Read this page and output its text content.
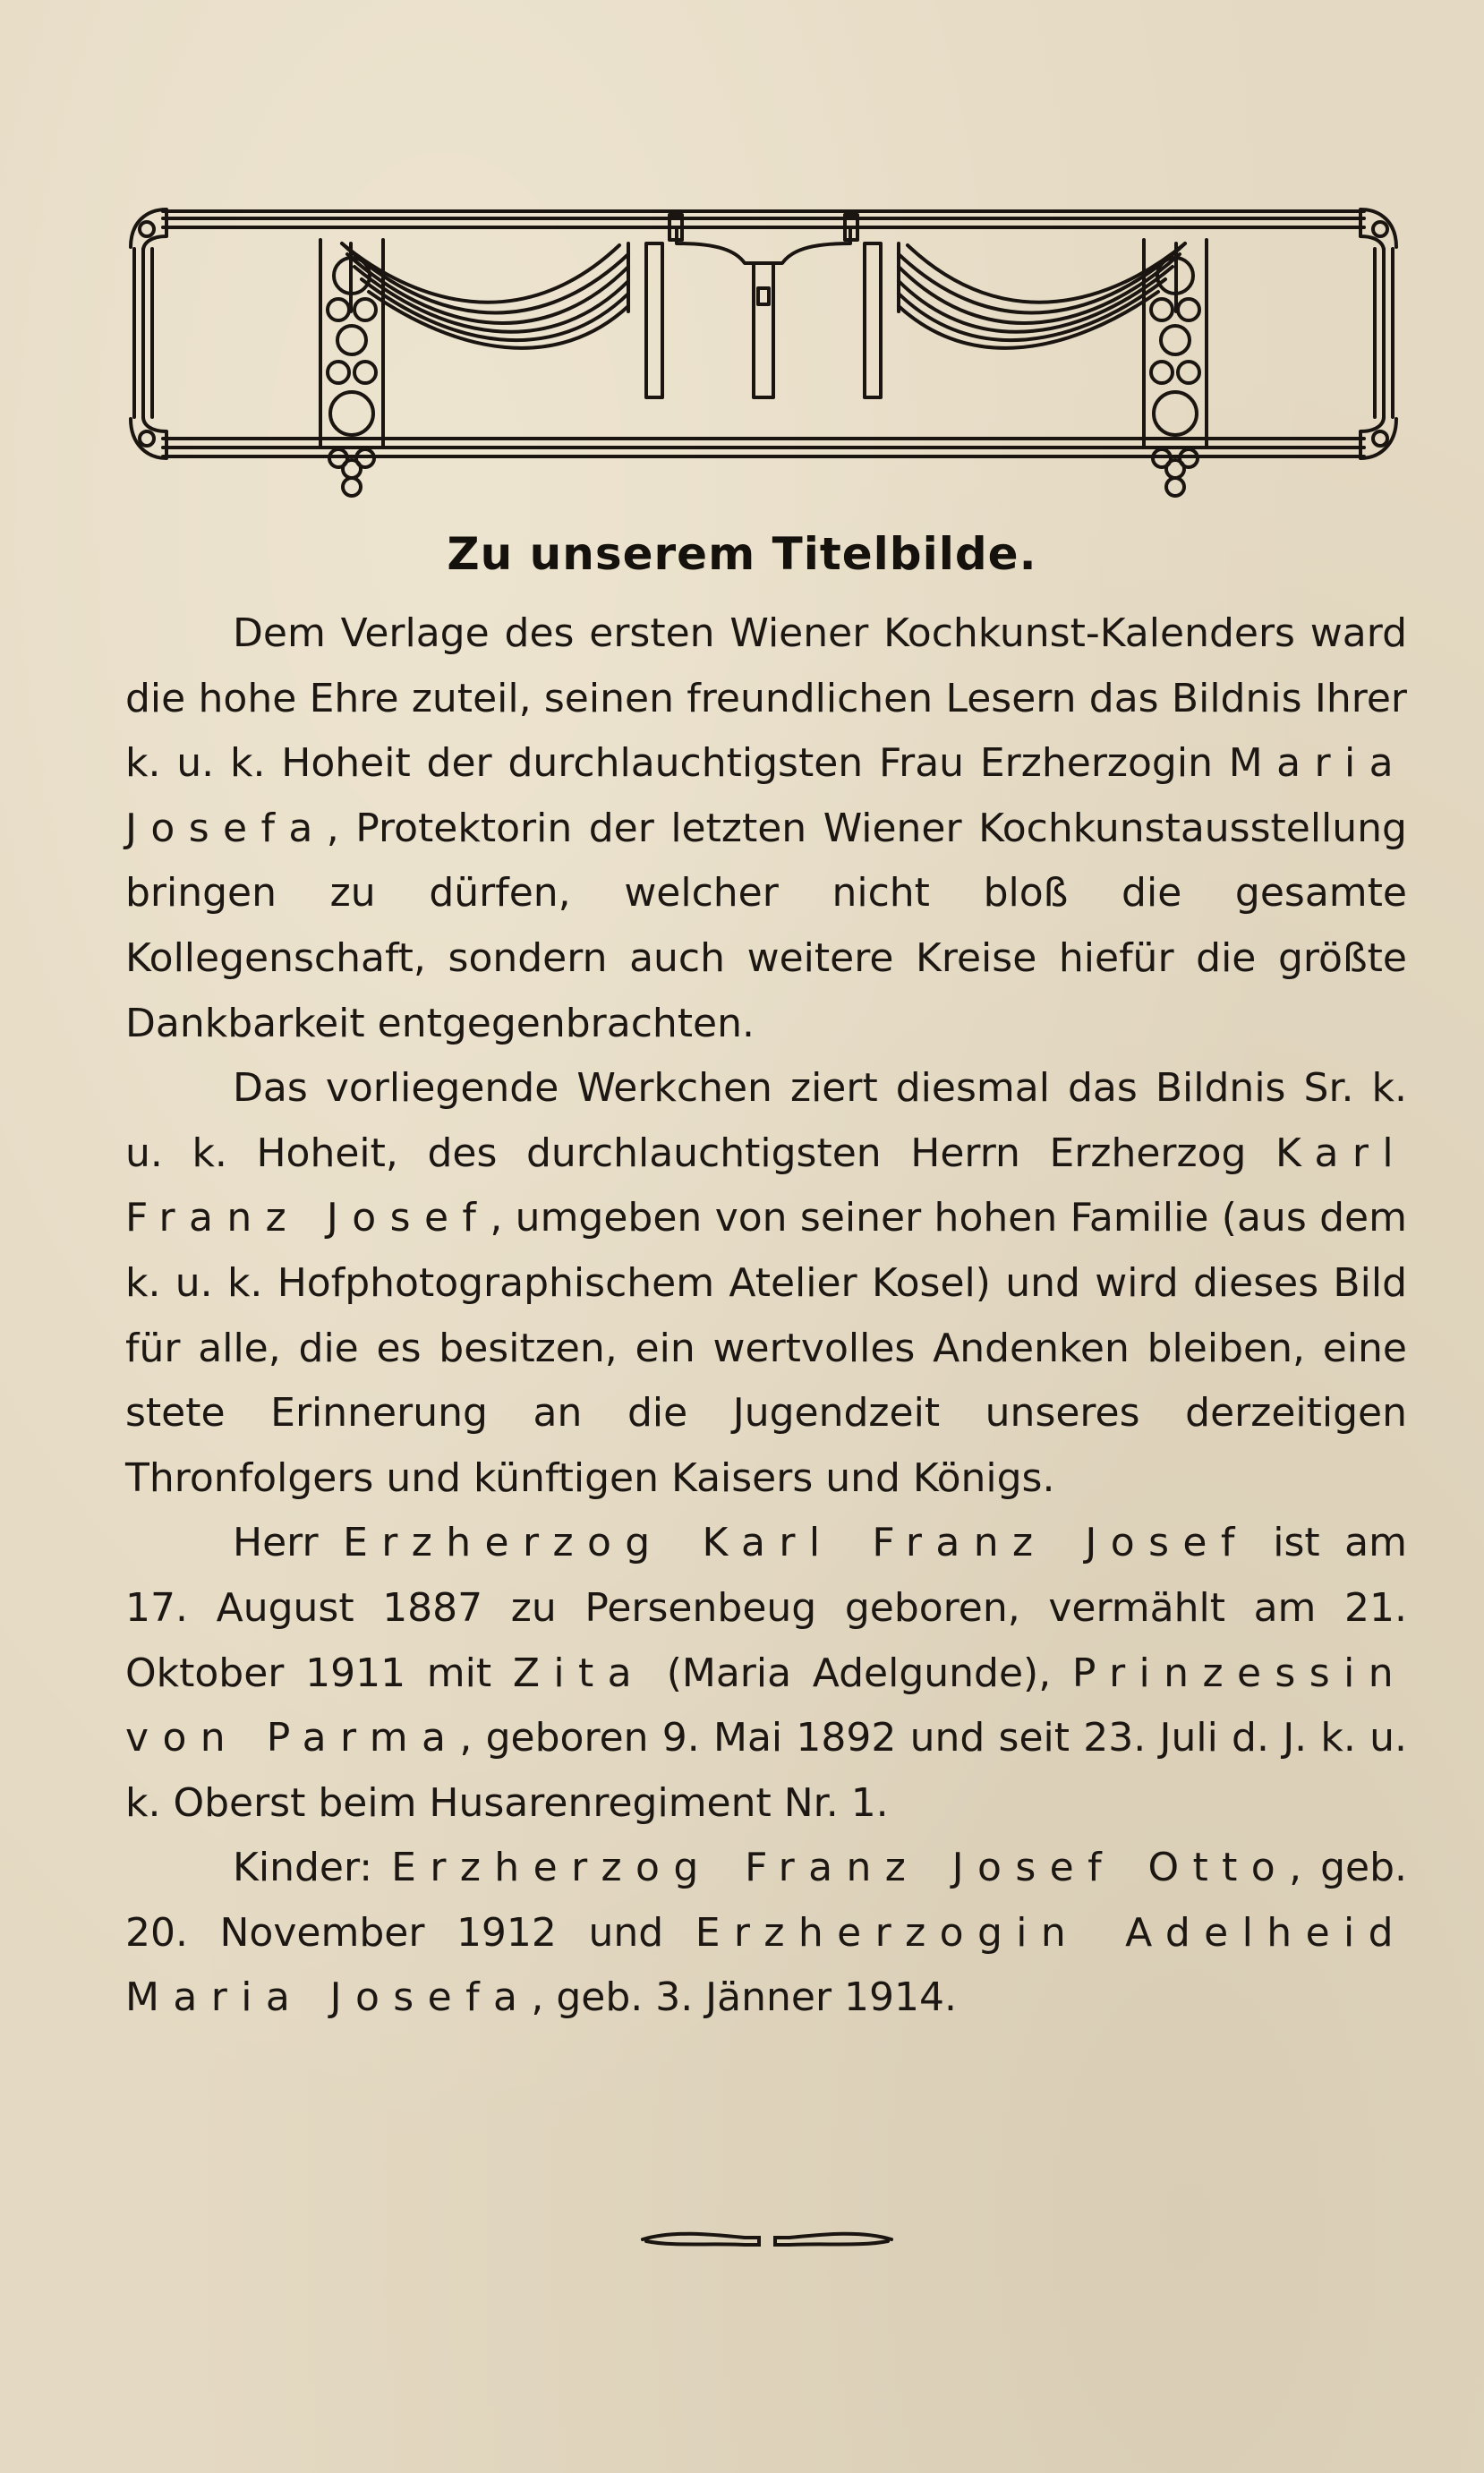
Zu unserem Titelbilde.

Dem Verlage des ersten Wiener Kochkunst-Kalenders ward die hohe Ehre zuteil, seinen freundlichen Lesern das Bildnis Ihrer k. u. k. Hoheit der durchlauchtigsten Frau Erzherzogin Maria Josefa, Protektorin der letzten Wiener Kochkunstausstellung bringen zu dürfen, welcher nicht bloß die gesamte Kollegenschaft, sondern auch weitere Kreise hiefür die größte Dankbarkeit entgegenbrachten.

Das vorliegende Werkchen ziert diesmal das Bildnis Sr. k. u. k. Hoheit, des durchlauchtigsten Herrn Erzherzog Karl Franz Josef, umgeben von seiner hohen Familie (aus dem k. u. k. Hofphotographischem Atelier Kosel) und wird dieses Bild für alle, die es besitzen, ein wertvolles Andenken bleiben, eine stete Erinnerung an die Jugendzeit unseres derzeitigen Thronfolgers und künftigen Kaisers und Königs.

Herr Erzherzog Karl Franz Josef ist am 17. August 1887 zu Persenbeug geboren, vermählt am 21. Oktober 1911 mit Zita (Maria Adelgunde), Prinzessin von Parma, geboren 9. Mai 1892 und seit 23. Juli d. J. k. u. k. Oberst beim Husarenregiment Nr. 1.

Kinder: Erzherzog Franz Josef Otto, geb. 20. November 1912 und Erzherzogin Adelheid Maria Josefa, geb. 3. Jänner 1914.
